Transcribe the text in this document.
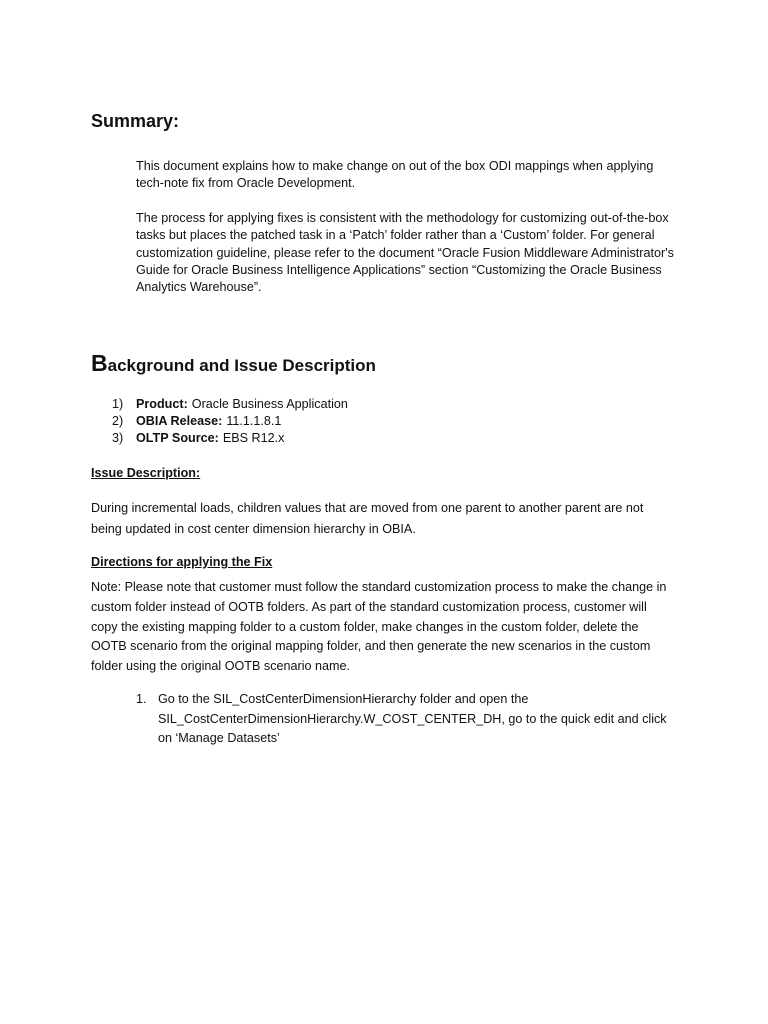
Summary:

This document explains how to make change on out of the box ODI mappings when applying tech-note fix from Oracle Development.

The process for applying fixes is consistent with the methodology for customizing out-of-the-box tasks but places the patched task in a ‘Patch’ folder rather than a ‘Custom’ folder. For general customization guideline, please refer to the document “Oracle Fusion Middleware Administrator's Guide for Oracle Business Intelligence Applications” section “Customizing the Oracle Business Analytics Warehouse”.

Background and Issue Description
1)	Product: Oracle Business Application
2)	OBIA Release: 11.1.1.8.1
3)	OLTP Source: EBS R12.x
Issue Description:

During incremental loads, children values that are moved from one parent to another parent are not being updated in cost center dimension hierarchy in OBIA.

Directions for applying the Fix

Note: Please note that customer must follow the standard customization process to make the change in custom folder instead of OOTB folders. As part of the standard customization process, customer will copy the existing mapping folder to a custom folder, make changes in the custom folder, delete the OOTB scenario from the original mapping folder, and then generate the new scenarios in the custom folder using the original OOTB scenario name.

1. Go to the SIL_CostCenterDimensionHierarchy folder and open the SIL_CostCenterDimensionHierarchy.W_COST_CENTER_DH, go to the quick edit and click on ‘Manage Datasets’
